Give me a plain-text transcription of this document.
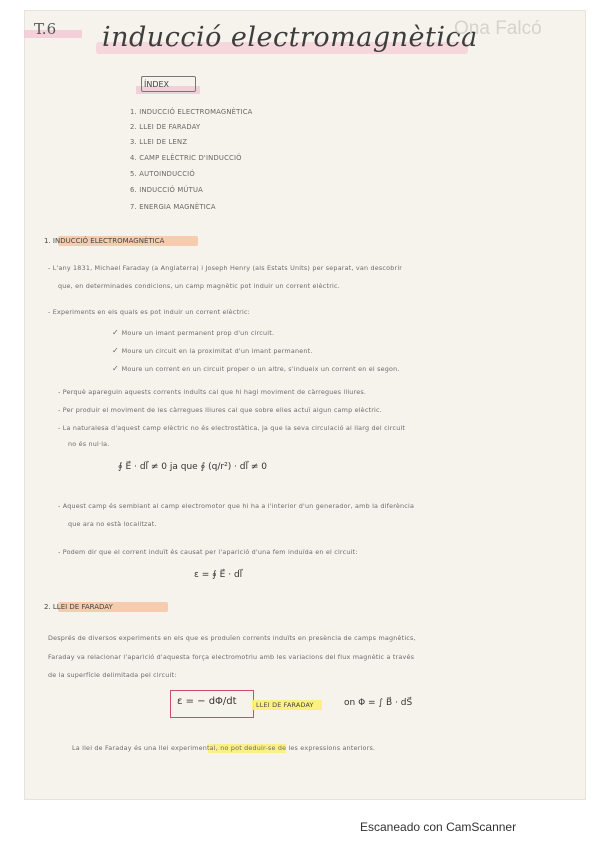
T.6 inducció electromagnètica
Ona Falcó
ÍNDEX
1. INDUCCIÓ ELECTROMAGNÈTICA
2. LLEI DE FARADAY
3. LLEI DE LENZ
4. CAMP ELÈCTRIC D'INDUCCIÓ
5. AUTOINDUCCIÓ
6. INDUCCIÓ MÚTUA
7. ENERGIA MAGNÈTICA
1. INDUCCIÓ ELECTROMAGNÈTICA
- L'any 1831, Michael Faraday (a Anglaterra) i Joseph Henry (als Estats Units) per separat, van descobrir
que, en determinades condicions, un camp magnètic pot induir un corrent elèctric.
- Experiments en els quals es pot induir un corrent elèctric:
✓ Moure un imant permanent prop d'un circuit.
✓ Moure un circuit en la proximitat d'un imant permanent.
✓ Moure un corrent en un circuit proper o un altre, s'indueix un corrent en el segon.
- Perquè apareguin aquests corrents induïts cal que hi hagi moviment de càrregues lliures.
- Per produir el moviment de les càrregues lliures cal que sobre elles actuï algun camp elèctric.
- La naturalesa d'aquest camp elèctric no és electrostàtica, ja que la seva circulació al llarg del circuit
no és nul·la.
∮ E⃗ · dl⃗ ≠ 0 ja que ∮ (q/r²) · dl⃗ ≠ 0
- Aquest camp és semblant al camp electromotor que hi ha a l'interior d'un generador, amb la diferència
que ara no està localitzat.
- Podem dir que el corrent induït és causat per l'aparició d'una fem induïda en el circuit:
ε = ∮ E⃗ · dl⃗
2. LLEI DE FARADAY
Després de diversos experiments en els que es produïen corrents induïts en presència de camps magnètics,
Faraday va relacionar l'aparició d'aquesta força electromotriu amb les variacions del flux magnètic a través
de la superfície delimitada pel circuit:
ε = − dΦ/dt	LLEI DE FARADAY	on Φ = ∫ B⃗ · dS⃗
La llei de Faraday és una llei experimental, no pot deduir-se de les expressions anteriors.
Escaneado con CamScanner
